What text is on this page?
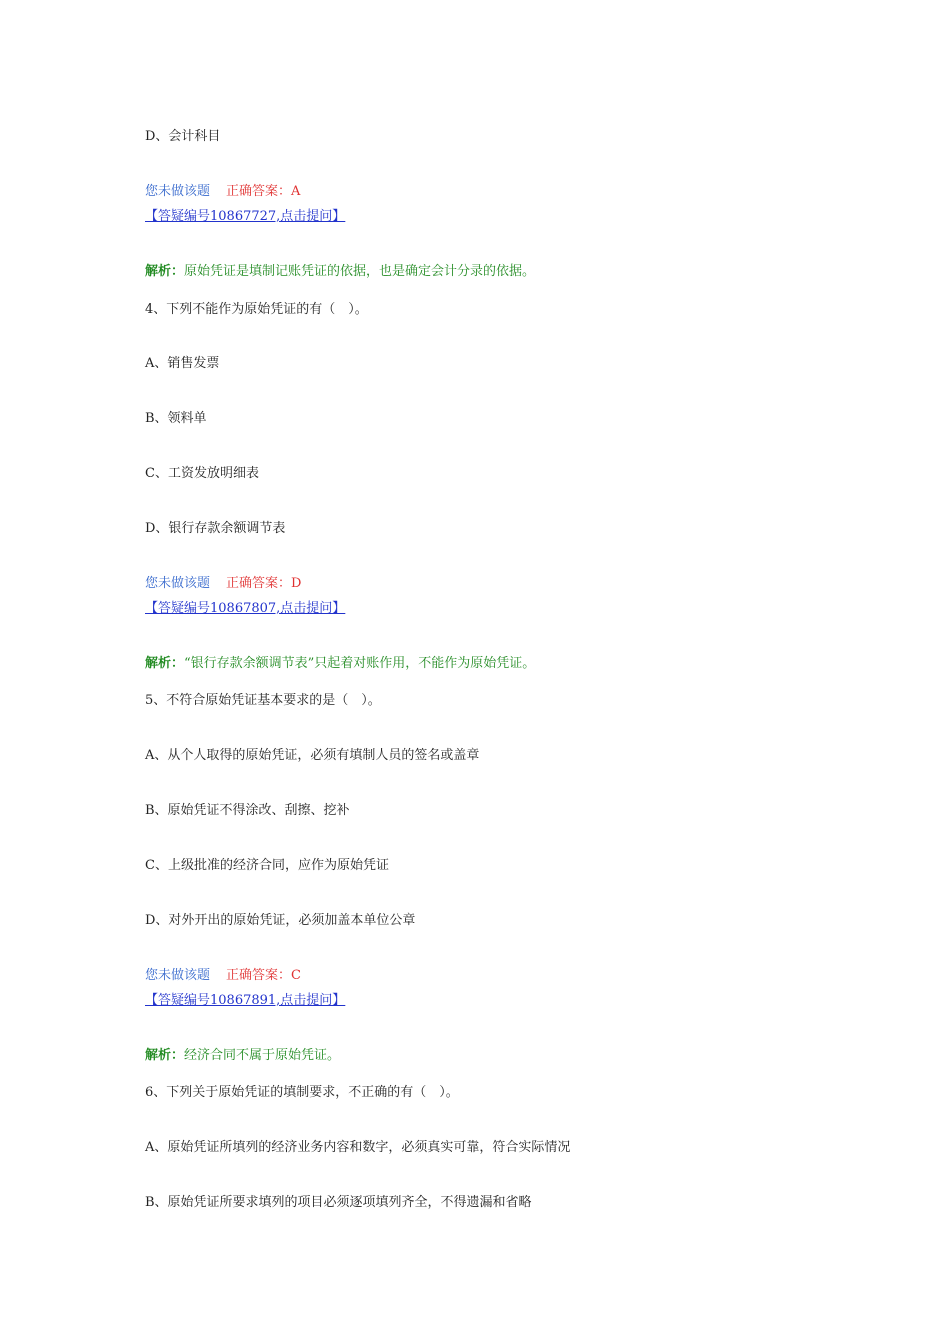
D、会计科目
您未做该题 正确答案：A
【答疑编号10867727,点击提问】
解析：原始凭证是填制记账凭证的依据，也是确定会计分录的依据。
4、下列不能作为原始凭证的有（　）。
A、销售发票
B、领料单
C、工资发放明细表
D、银行存款余额调节表
您未做该题 正确答案：D
【答疑编号10867807,点击提问】
解析：“银行存款余额调节表”只起着对账作用，不能作为原始凭证。
5、不符合原始凭证基本要求的是（　）。
A、从个人取得的原始凭证，必须有填制人员的签名或盖章
B、原始凭证不得涂改、刮擦、挖补
C、上级批准的经济合同，应作为原始凭证
D、对外开出的原始凭证，必须加盖本单位公章
您未做该题 正确答案：C
【答疑编号10867891,点击提问】
解析：经济合同不属于原始凭证。
6、下列关于原始凭证的填制要求，不正确的有（　）。
A、原始凭证所填列的经济业务内容和数字，必须真实可靠，符合实际情况
B、原始凭证所要求填列的项目必须逐项填列齐全，不得遗漏和省略
